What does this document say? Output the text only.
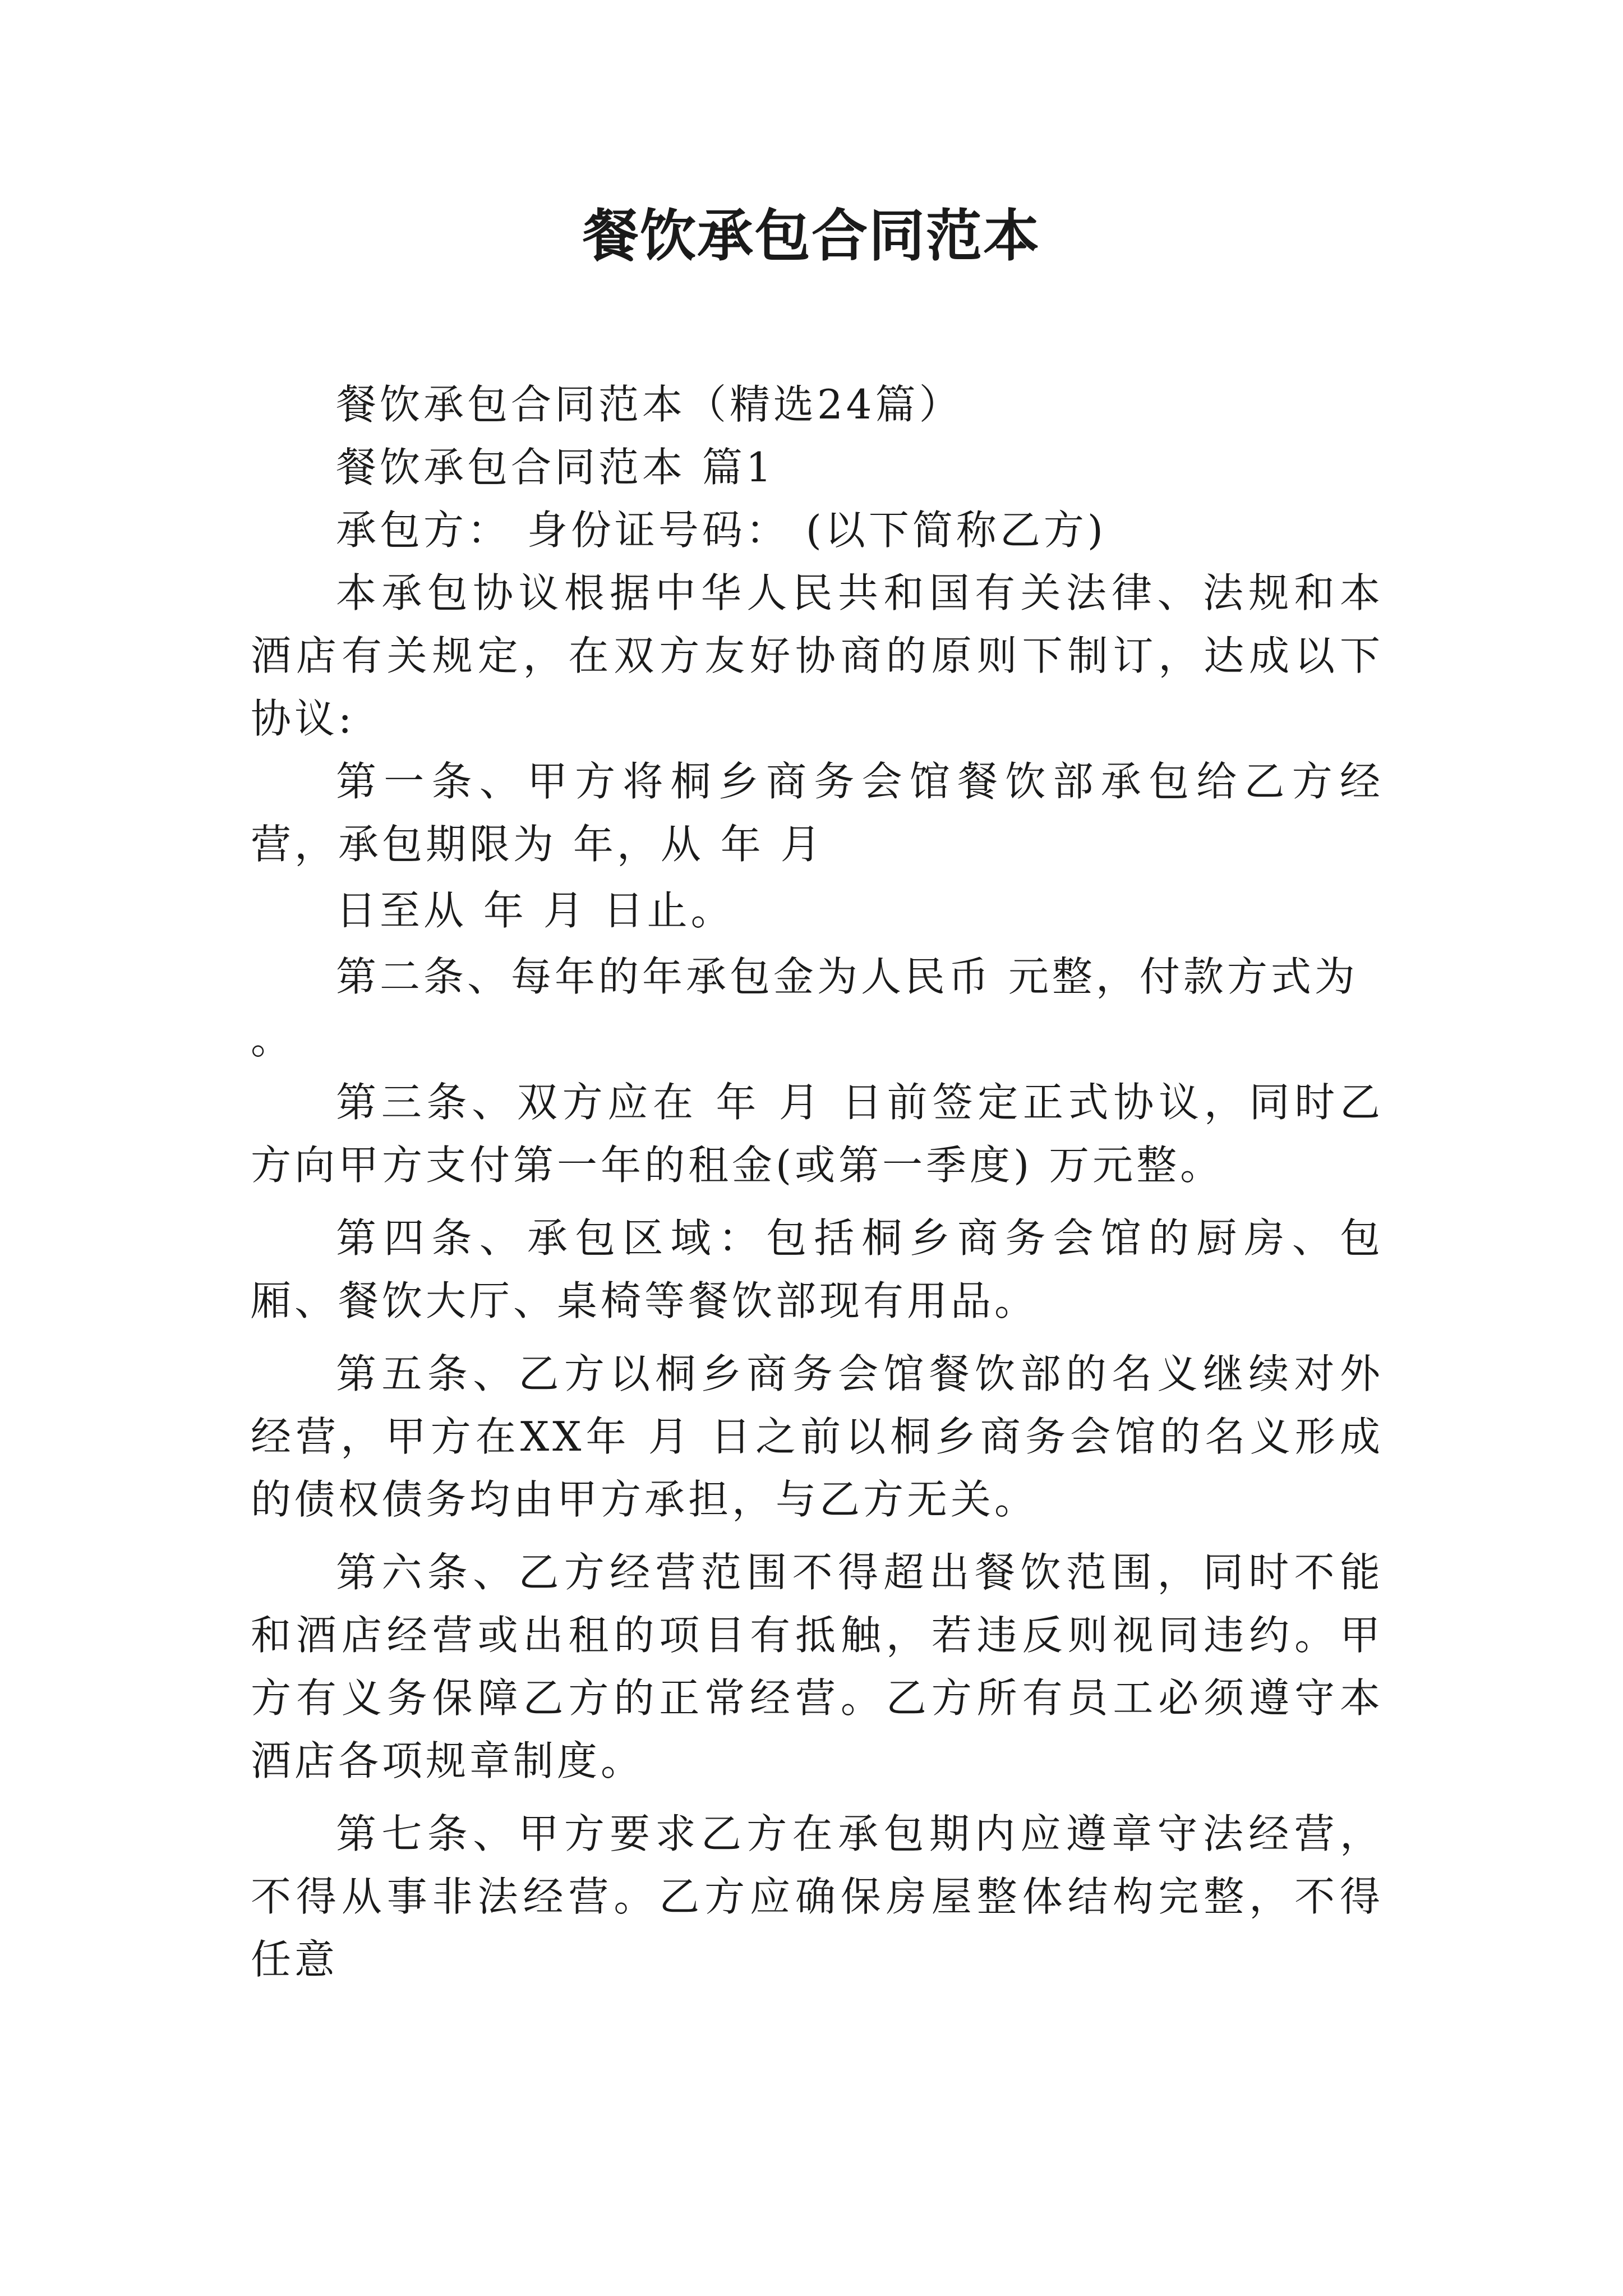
餐饮承包合同范本

餐饮承包合同范本（精选24篇）

餐饮承包合同范本 篇1

承包方： 身份证号码： (以下简称乙方)

本承包协议根据中华人民共和国有关法律、法规和本酒店有关规定，在双方友好协商的原则下制订，达成以下协议:

第一条、甲方将桐乡商务会馆餐饮部承包给乙方经营，承包期限为 年，从 年 月

日至从 年 月 日止。

第二条、每年的年承包金为人民币 元整，付款方式为 。

第三条、双方应在 年 月 日前签定正式协议，同时乙方向甲方支付第一年的租金(或第一季度) 万元整。

第四条、承包区域：包括桐乡商务会馆的厨房、包厢、餐饮大厅、桌椅等餐饮部现有用品。

第五条、乙方以桐乡商务会馆餐饮部的名义继续对外经营，甲方在XX年 月 日之前以桐乡商务会馆的名义形成的债权债务均由甲方承担，与乙方无关。

第六条、乙方经营范围不得超出餐饮范围，同时不能和酒店经营或出租的项目有抵触，若违反则视同违约。甲方有义务保障乙方的正常经营。乙方所有员工必须遵守本酒店各项规章制度。

第七条、甲方要求乙方在承包期内应遵章守法经营，不得从事非法经营。乙方应确保房屋整体结构完整，不得任意
